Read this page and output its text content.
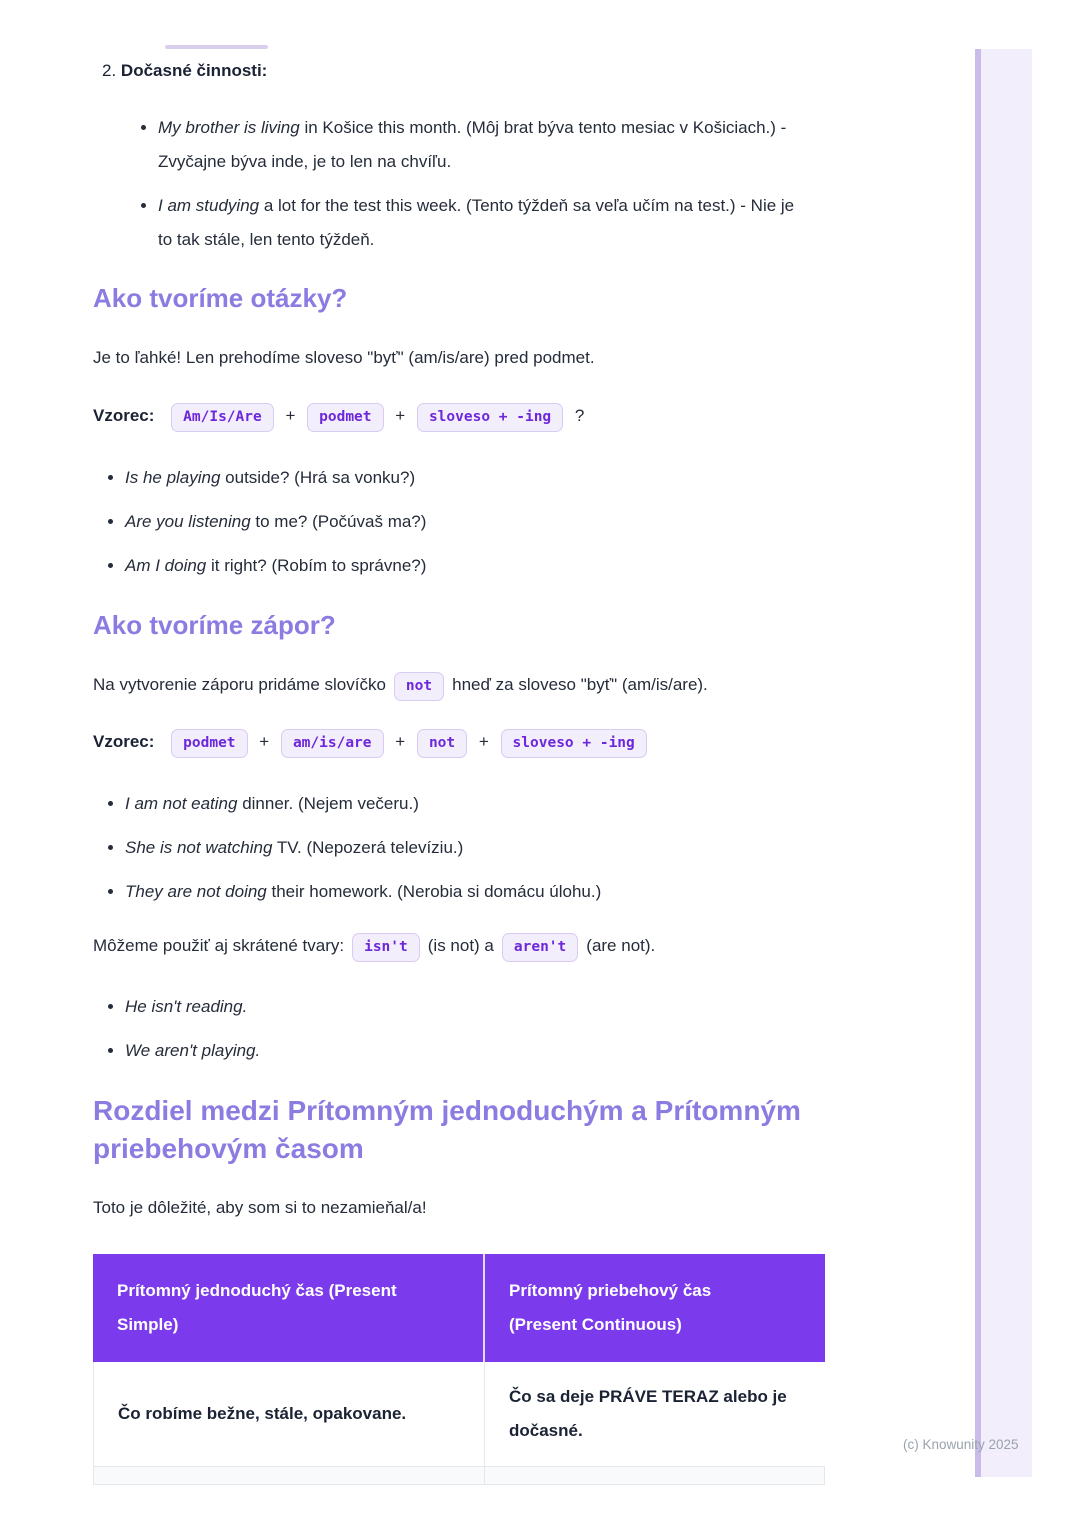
(c) Knowunity 2025
2. Dočasné činnosti:
• My brother is living in Košice this month. (Môj brat býva tento mesiac v Košiciach.) - Zvyčajne býva inde, je to len na chvíľu.
• I am studying a lot for the test this week. (Tento týždeň sa veľa učím na test.) - Nie je to tak stále, len tento týždeň.
Ako tvoríme otázky?

Je to ľahké! Len prehodíme sloveso "byť" (am/is/are) pred podmet.

Vzorec: Am/Is/Are + podmet + sloveso + -ing ?
• Is he playing outside? (Hrá sa vonku?)
• Are you listening to me? (Počúvaš ma?)
• Am I doing it right? (Robím to správne?)
Ako tvoríme zápor?

Na vytvorenie záporu pridáme slovíčko not hneď za sloveso "byť" (am/is/are).

Vzorec: podmet + am/is/are + not + sloveso + -ing
• I am not eating dinner. (Nejem večeru.)
• She is not watching TV. (Nepozerá televíziu.)
• They are not doing their homework. (Nerobia si domácu úlohu.)

Môžeme použiť aj skrátené tvary: isn't (is not) a aren't (are not).

• He isn't reading.
• We aren't playing.
Rozdiel medzi Prítomným jednoduchým a Prítomným priebehovým časom

Toto je dôležité, aby som si to nezamieňal/a!

Prítomný jednoduchý čas (Present
Simple)
Prítomný priebehový čas
(Present Continuous)
Čo robíme bežne, stále, opakovane.
Čo sa deje PRÁVE TERAZ alebo je
dočasné.
